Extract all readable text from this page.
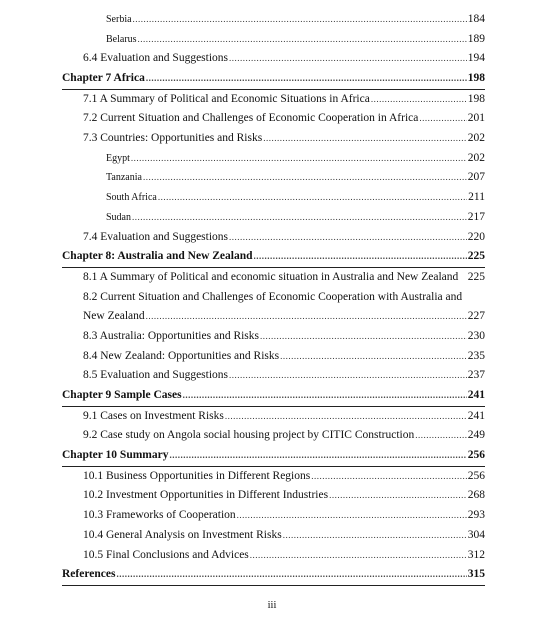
Serbia .....	184
Belarus .....	189
6.4 Evaluation and Suggestions .....	194
Chapter 7 Africa .....	198
7.1 A Summary of Political and Economic Situations in Africa .....	198
7.2 Current Situation and Challenges of Economic Cooperation in Africa .....	201
7.3 Countries: Opportunities and Risks .....	202
Egypt .....	202
Tanzania .....	207
South Africa .....	211
Sudan .....	217
7.4 Evaluation and Suggestions .....	220
Chapter 8: Australia and New Zealand .....	225
8.1 A Summary of Political and economic situation in Australia and New Zealand 225
8.2 Current Situation and Challenges of Economic Cooperation with Australia and
New Zealand .....	227
8.3 Australia: Opportunities and Risks .....	230
8.4 New Zealand: Opportunities and Risks .....	235
8.5 Evaluation and Suggestions .....	237
Chapter 9 Sample Cases .....	241
9.1 Cases on Investment Risks .....	241
9.2 Case study on Angola social housing project by CITIC Construction .....	249
Chapter 10 Summary .....	256
10.1 Business Opportunities in Different Regions .....	256
10.2 Investment Opportunities in Different Industries .....	268
10.3 Frameworks of Cooperation .....	293
10.4 General Analysis on Investment Risks .....	304
10.5 Final Conclusions and Advices .....	312
References .....	315
iii
